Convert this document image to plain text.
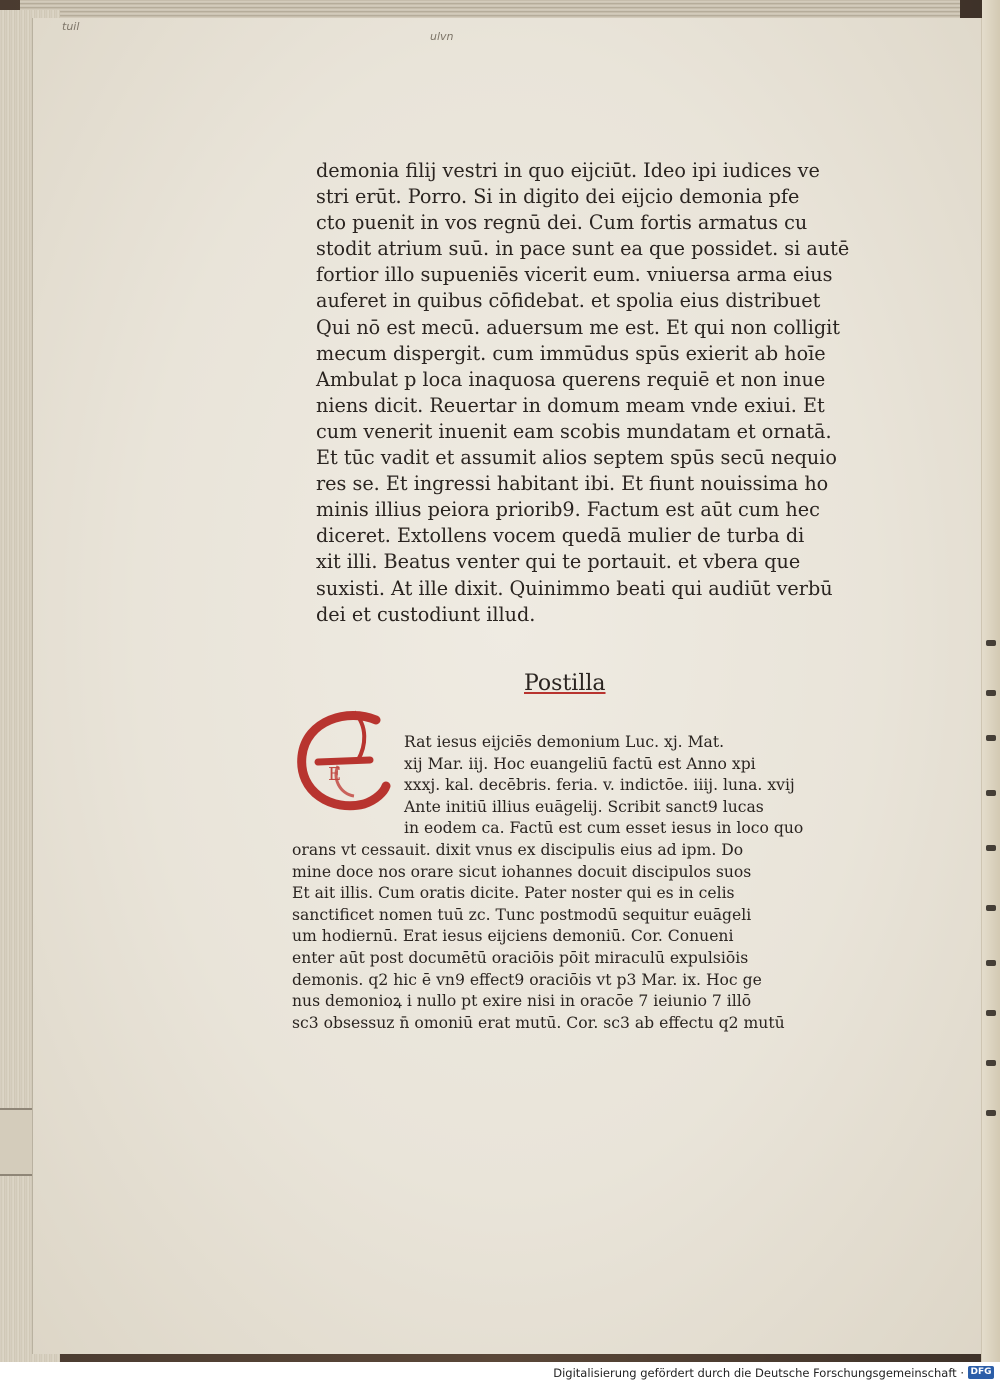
tuil
ulvn
demonia filij vestri in quo eijciūt. Ideo ipi iudices ve
stri erūt. Porro. Si in digito dei eijcio demonia pfe
cto puenit in vos regnū dei. Cum fortis armatus cu
stodit atrium suū. in pace sunt ea que possidet. si autē
fortior illo supueniēs vicerit eum. vniuersa arma eius
auferet in quibus cōfidebat. et spolia eius distribuet
Qui nō est mecū. aduersum me est. Et qui non colligit
mecum dispergit. cum immūdus spūs exierit ab hoīe
Ambulat p loca inaquosa querens requiē et non inue
niens dicit. Reuertar in domum meam vnde exiui. Et
cum venerit inuenit eam scobis mundatam et ornatā.
Et tūc vadit et assumit alios septem spūs secū nequio
res se. Et ingressi habitant ibi. Et fiunt nouissima ho
minis illius peiora priorib9. Factum est aūt cum hec
diceret. Extollens vocem quedā mulier de turba di
xit illi. Beatus venter qui te portauit. et vbera que
suxisti. At ille dixit. Quinimmo beati qui audiūt verbū
dei et custodiunt illud.
Postilla
E
Rat iesus eijciēs demonium Luc. xj. Mat.
xij Mar. iij. Hoc euangeliū factū est Anno xpi
xxxj. kal. decēbris. feria. v. indictōe. iiij. luna. xvij
Ante initiū illius euāgelij. Scribit sanct9 lucas
in eodem ca. Factū est cum esset iesus in loco quo
orans vt cessauit. dixit vnus ex discipulis eius ad ipm. Do
mine doce nos orare sicut iohannes docuit discipulos suos
Et ait illis. Cum oratis dicite. Pater noster qui es in celis
sanctificet nomen tuū zc. Tunc postmodū sequitur euāgeli
um hodiernū. Erat iesus eijciens demoniū. Cor. Conueni
enter aūt post documētū oraciōis pōit miraculū expulsiōis
demonis. q2 hic ē vn9 effect9 oraciōis vt p3 Mar. ix. Hoc ge
nus demonioꝝ i nullo pt exire nisi in oracōe 7 ieiunio 7 illō
sc3 obsessuz n̄ omoniū erat mutū. Cor. sc3 ab effectu q2 mutū
Digitalisierung gefördert durch die Deutsche Forschungsgemeinschaft · DFG
